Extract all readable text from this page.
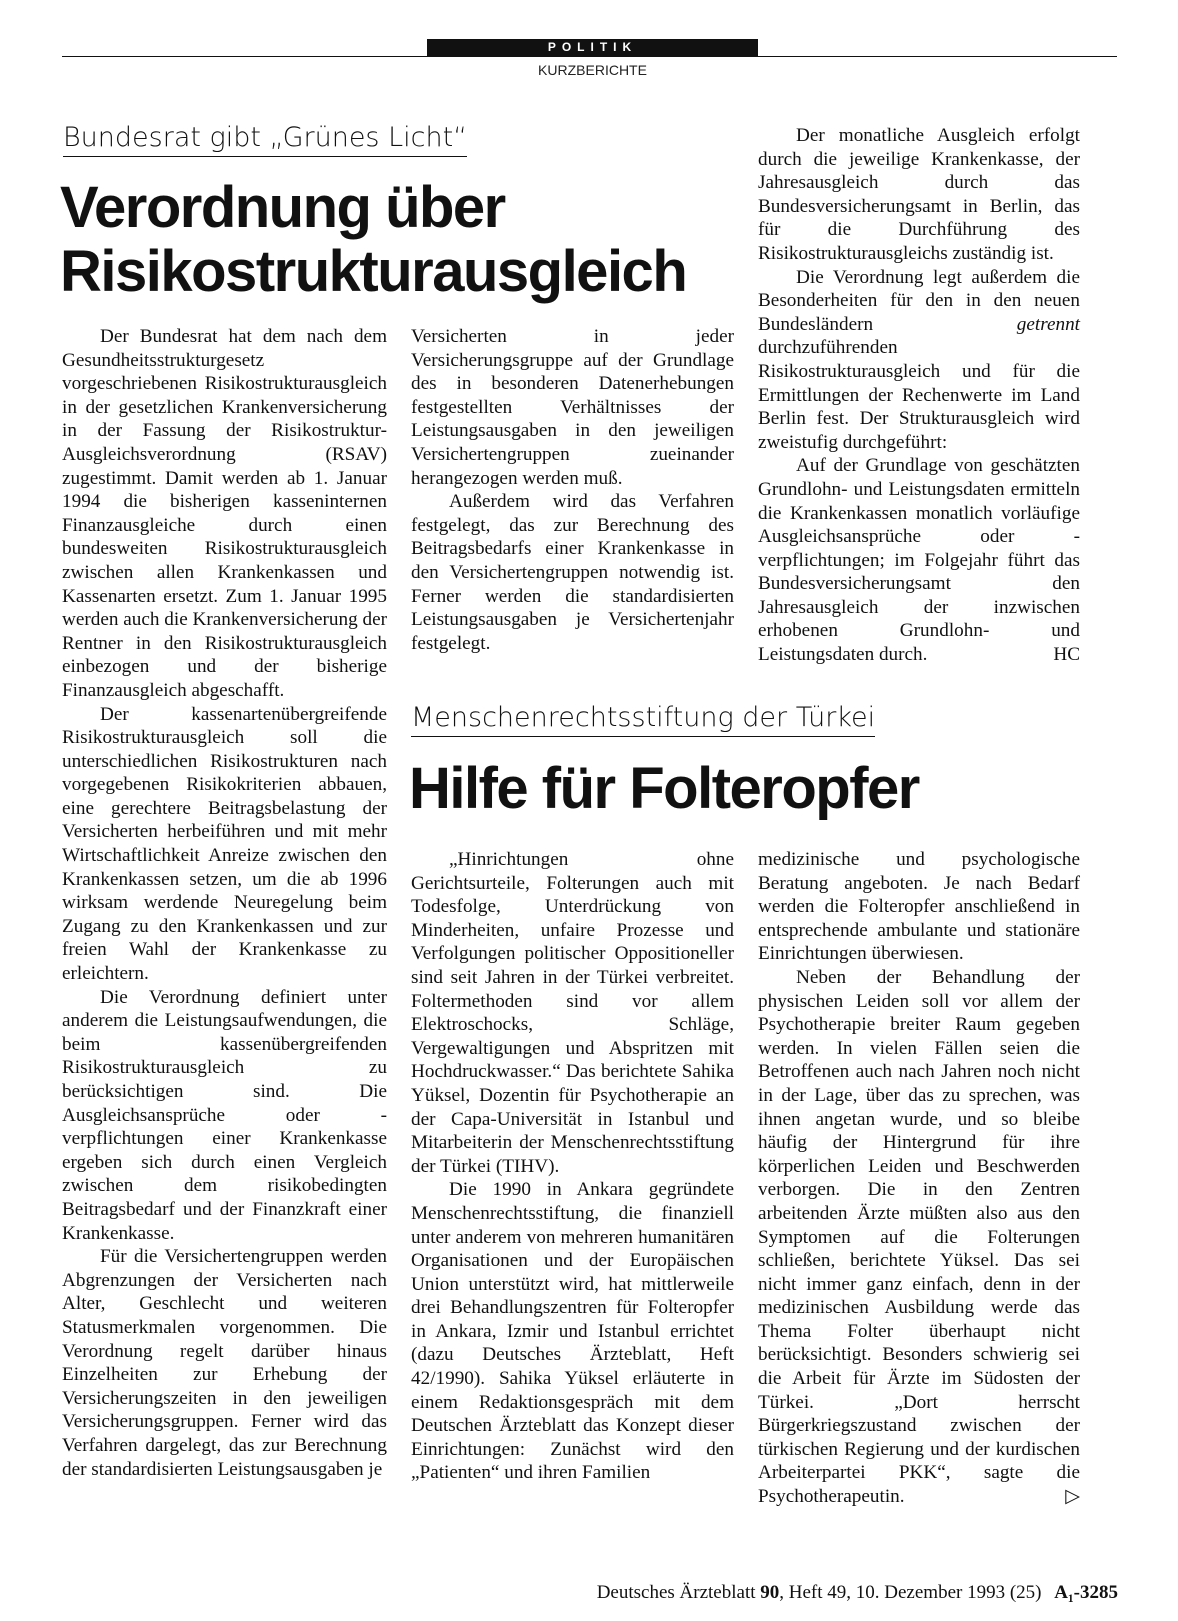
POLITIK
KURZBERICHTE
Bundesrat gibt „Grünes Licht“
Verordnung über
Risikostrukturausgleich

Der Bundesrat hat dem nach dem Gesundheitsstrukturgesetz vorgeschriebenen Risikostrukturausgleich in der gesetzlichen Krankenversicherung in der Fassung der Risikostruktur-Ausgleichsverordnung (RSAV) zugestimmt. Damit werden ab 1. Januar 1994 die bisherigen kasseninternen Finanzausgleiche durch einen bundesweiten Risikostrukturausgleich zwischen allen Krankenkassen und Kassenarten ersetzt. Zum 1. Januar 1995 werden auch die Krankenversicherung der Rentner in den Risikostrukturausgleich einbezogen und der bisherige Finanzausgleich abgeschafft.

Der kassenartenübergreifende Risikostrukturausgleich soll die unterschiedlichen Risikostrukturen nach vorgegebenen Risikokriterien abbauen, eine gerechtere Beitragsbelastung der Versicherten herbeiführen und mit mehr Wirtschaftlichkeit Anreize zwischen den Krankenkassen setzen, um die ab 1996 wirksam werdende Neuregelung beim Zugang zu den Krankenkassen und zur freien Wahl der Krankenkasse zu erleichtern.

Die Verordnung definiert unter anderem die Leistungsaufwendungen, die beim kassenübergreifenden Risikostrukturausgleich zu berücksichtigen sind. Die Ausgleichsansprüche oder -verpflichtungen einer Krankenkasse ergeben sich durch einen Vergleich zwischen dem risikobedingten Beitragsbedarf und der Finanzkraft einer Krankenkasse.

Für die Versichertengruppen werden Abgrenzungen der Versicherten nach Alter, Geschlecht und weiteren Statusmerkmalen vorgenommen. Die Verordnung regelt darüber hinaus Einzelheiten zur Erhebung der Versicherungszeiten in den jeweiligen Versicherungsgruppen. Ferner wird das Verfahren dargelegt, das zur Berechnung der standardisierten Leistungsausgaben je

Versicherten in jeder Versicherungsgruppe auf der Grundlage des in besonderen Datenerhebungen festgestellten Verhältnisses der Leistungsausgaben in den jeweiligen Versichertengruppen zueinander herangezogen werden muß.

Außerdem wird das Verfahren festgelegt, das zur Berechnung des Beitragsbedarfs einer Krankenkasse in den Versichertengruppen notwendig ist. Ferner werden die standardisierten Leistungsausgaben je Versichertenjahr festgelegt.

Der monatliche Ausgleich erfolgt durch die jeweilige Krankenkasse, der Jahresausgleich durch das Bundesversicherungsamt in Berlin, das für die Durchführung des Risikostrukturausgleichs zuständig ist.

Die Verordnung legt außerdem die Besonderheiten für den in den neuen Bundesländern getrennt durchzuführenden Risikostrukturausgleich und für die Ermittlungen der Rechenwerte im Land Berlin fest. Der Strukturausgleich wird zweistufig durchgeführt:

Auf der Grundlage von geschätzten Grundlohn- und Leistungsdaten ermitteln die Krankenkassen monatlich vorläufige Ausgleichsansprüche oder -verpflichtungen; im Folgejahr führt das Bundesversicherungsamt den Jahresausgleich der inzwischen erhobenen Grundlohn- und Leistungsdaten durch.	HC

Menschenrechtsstiftung der Türkei
Hilfe für Folteropfer

„Hinrichtungen ohne Gerichtsurteile, Folterungen auch mit Todesfolge, Unterdrückung von Minderheiten, unfaire Prozesse und Verfolgungen politischer Oppositioneller sind seit Jahren in der Türkei verbreitet. Foltermethoden sind vor allem Elektroschocks, Schläge, Vergewaltigungen und Abspritzen mit Hochdruckwasser.“ Das berichtete Sahika Yüksel, Dozentin für Psychotherapie an der Capa-Universität in Istanbul und Mitarbeiterin der Menschenrechtsstiftung der Türkei (TIHV).

Die 1990 in Ankara gegründete Menschenrechtsstiftung, die finanziell unter anderem von mehreren humanitären Organisationen und der Europäischen Union unterstützt wird, hat mittlerweile drei Behandlungszentren für Folteropfer in Ankara, Izmir und Istanbul errichtet (dazu Deutsches Ärzteblatt, Heft 42/1990). Sahika Yüksel erläuterte in einem Redaktionsgespräch mit dem Deutschen Ärzteblatt das Konzept dieser Einrichtungen: Zunächst wird den „Patienten“ und ihren Familien

medizinische und psychologische Beratung angeboten. Je nach Bedarf werden die Folteropfer anschließend in entsprechende ambulante und stationäre Einrichtungen überwiesen.

Neben der Behandlung der physischen Leiden soll vor allem der Psychotherapie breiter Raum gegeben werden. In vielen Fällen seien die Betroffenen auch nach Jahren noch nicht in der Lage, über das zu sprechen, was ihnen angetan wurde, und so bleibe häufig der Hintergrund für ihre körperlichen Leiden und Beschwerden verborgen. Die in den Zentren arbeitenden Ärzte müßten also aus den Symptomen auf die Folterungen schließen, berichtete Yüksel. Das sei nicht immer ganz einfach, denn in der medizinischen Ausbildung werde das Thema Folter überhaupt nicht berücksichtigt. Besonders schwierig sei die Arbeit für Ärzte im Südosten der Türkei. „Dort herrscht Bürgerkriegszustand zwischen der türkischen Regierung und der kurdischen Arbeiterpartei PKK“, sagte die Psychotherapeutin.	▷

Deutsches Ärzteblatt 90, Heft 49, 10. Dezember 1993 (25) A₁-3285
